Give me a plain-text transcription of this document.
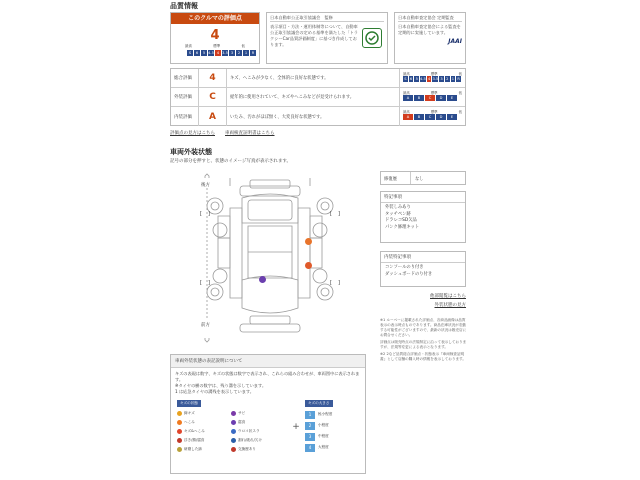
品質情報
このクルマの評価点
4
最高	標準	低
S	6	5 4.5 4 3.5 3	2	1	R
日本自動車公正取引協議会　監修
表示項目・方法・運用体制等について、自動車公正取引協議会の定める基準を満たした「トラクシーCar品質評価制度」に基づき作成しております。
日本自動車査定協会 定期監査
日本自動車査定協会による監査を定期的に実施しています。
JAAI
総合評価	4	キズ、へこみが少なく、全体的に良好な状態です。
最高	標準	低
S 6 5 4.5 4 3.5 3 2 1 R
外装評価	C	経年的に使用されていて、キズやへこみなどが見受けられます。
最高	標準	低
A	B	C	D	E
内装評価	A	いたみ、汚れがほぼ無く、大変良好な状態です。
最高	標準	低
A	B	C	D	E
評価点の見方はこちら 車両検査証明書はこちら
車両外装状態
記号の部分を押すと、状態のイメージ写真が表示されます。
後方
前方
[ ]	[ ]
[ ]	[ ]
修復歴	なし
特記事項
外装しみあり
タッチペン跡
ドラレコSD欠品
パンク修理キット
内装特記事項
コンソールのり付き
ダッシュボードのり付き
他部閲覧はこちら
外装状態の見方
※1 ルーペーに掲載された評価点、各商品画像は品質表示の表示時点ものであります。商品在庫状況が変動する可能性がございますので、最新の状況は販売店にお問合せください。
評価点は販売時点の法規制定に沿って表示しておりますが、法規等変更による表示となります。
※2 2など品質総合評価点・状態表示『車両検査証明書』として店舗の購入時の情報を表示しております。
車両外装状態の表記説明について
キズの表現は数字、キズの状態は数字で表示され、これらの組み合わせが、車両図中に表示されます。
※タイヤの横の数字は、残り溝を示しています。
1 は応急タイヤの溝残を表示しています。
キズの状態
線キズ
へこみ
キズ&ヘこみ
浮き/錆/腐食
研磨した跡
サビ
腐食
ウロコ状スラ
割れ/破れ/欠け
交換歴あり
+
キズの大きさ
1	極小程度
2	小程度
3	中程度
4	大程度
